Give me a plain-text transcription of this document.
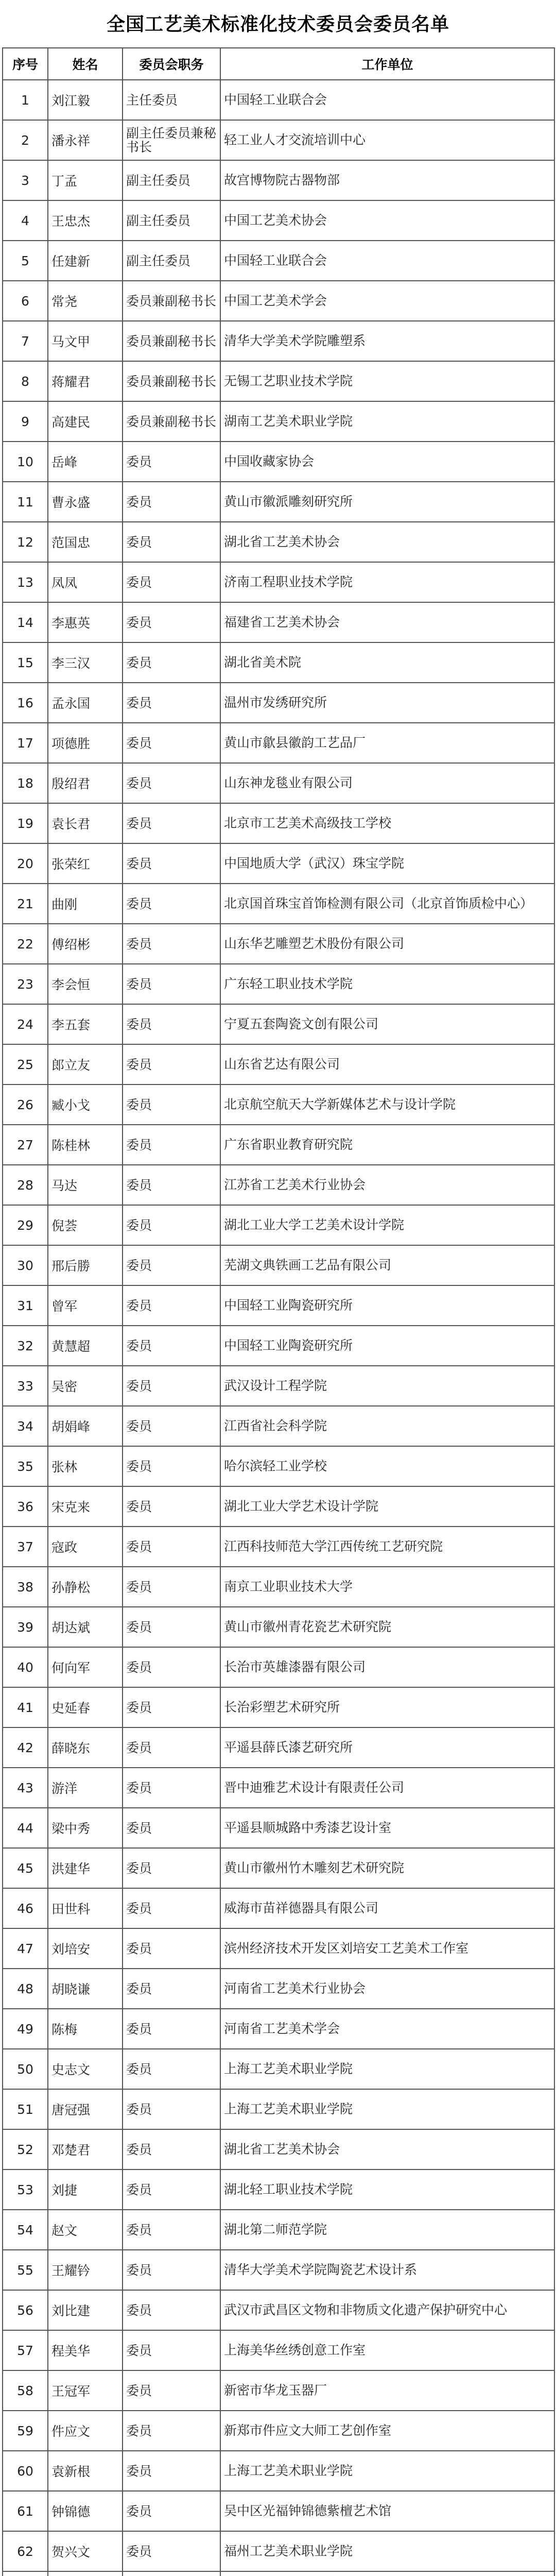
全国工艺美术标准化技术委员会委员名单
序号	姓名	委员会职务	工作单位
1	刘江毅	主任委员	中国轻工业联合会
2	潘永祥	副主任委员兼秘书长	轻工业人才交流培训中心
3	丁孟	副主任委员	故宫博物院古器物部
4	王忠杰	副主任委员	中国工艺美术协会
5	任建新	副主任委员	中国轻工业联合会
6	常尧	委员兼副秘书长	中国工艺美术学会
7	马文甲	委员兼副秘书长	清华大学美术学院雕塑系
8	蒋耀君	委员兼副秘书长	无锡工艺职业技术学院
9	高建民	委员兼副秘书长	湖南工艺美术职业学院
10	岳峰	委员	中国收藏家协会
11	曹永盛	委员	黄山市徽派雕刻研究所
12	范国忠	委员	湖北省工艺美术协会
13	凤凤	委员	济南工程职业技术学院
14	李惠英	委员	福建省工艺美术协会
15	李三汉	委员	湖北省美术院
16	孟永国	委员	温州市发绣研究所
17	项德胜	委员	黄山市歙县徽韵工艺品厂
18	殷绍君	委员	山东神龙毯业有限公司
19	袁长君	委员	北京市工艺美术高级技工学校
20	张荣红	委员	中国地质大学（武汉）珠宝学院
21	曲刚	委员	北京国首珠宝首饰检测有限公司（北京首饰质检中心）
22	傅绍彬	委员	山东华艺雕塑艺术股份有限公司
23	李会恒	委员	广东轻工职业技术学院
24	李五套	委员	宁夏五套陶瓷文创有限公司
25	郎立友	委员	山东省艺达有限公司
26	臧小戈	委员	北京航空航天大学新媒体艺术与设计学院
27	陈桂林	委员	广东省职业教育研究院
28	马达	委员	江苏省工艺美术行业协会
29	倪荟	委员	湖北工业大学工艺美术设计学院
30	邢后勝	委员	芜湖文典铁画工艺品有限公司
31	曾军	委员	中国轻工业陶瓷研究所
32	黄慧超	委员	中国轻工业陶瓷研究所
33	吴密	委员	武汉设计工程学院
34	胡娟峰	委员	江西省社会科学院
35	张林	委员	哈尔滨轻工业学校
36	宋克来	委员	湖北工业大学艺术设计学院
37	寇政	委员	江西科技师范大学江西传统工艺研究院
38	孙静松	委员	南京工业职业技术大学
39	胡达斌	委员	黄山市徽州青花瓷艺术研究院
40	何向军	委员	长治市英雄漆器有限公司
41	史延春	委员	长治彩塑艺术研究所
42	薛晓东	委员	平遥县薛氏漆艺研究所
43	游洋	委员	晋中迪雅艺术设计有限责任公司
44	梁中秀	委员	平遥县顺城路中秀漆艺设计室
45	洪建华	委员	黄山市徽州竹木雕刻艺术研究院
46	田世科	委员	威海市苗祥德器具有限公司
47	刘培安	委员	滨州经济技术开发区刘培安工艺美术工作室
48	胡晓谦	委员	河南省工艺美术行业协会
49	陈梅	委员	河南省工艺美术学会
50	史志文	委员	上海工艺美术职业学院
51	唐冠强	委员	上海工艺美术职业学院
52	邓楚君	委员	湖北省工艺美术协会
53	刘捷	委员	湖北轻工职业技术学院
54	赵文	委员	湖北第二师范学院
55	王耀钤	委员	清华大学美术学院陶瓷艺术设计系
56	刘比建	委员	武汉市武昌区文物和非物质文化遗产保护研究中心
57	程美华	委员	上海美华丝绣创意工作室
58	王冠军	委员	新密市华龙玉器厂
59	件应文	委员	新郑市件应文大师工艺创作室
60	袁新根	委员	上海工艺美术职业学院
61	钟锦德	委员	吴中区光福钟锦德紫檀艺术馆
62	贺兴文	委员	福州工艺美术职业学院
